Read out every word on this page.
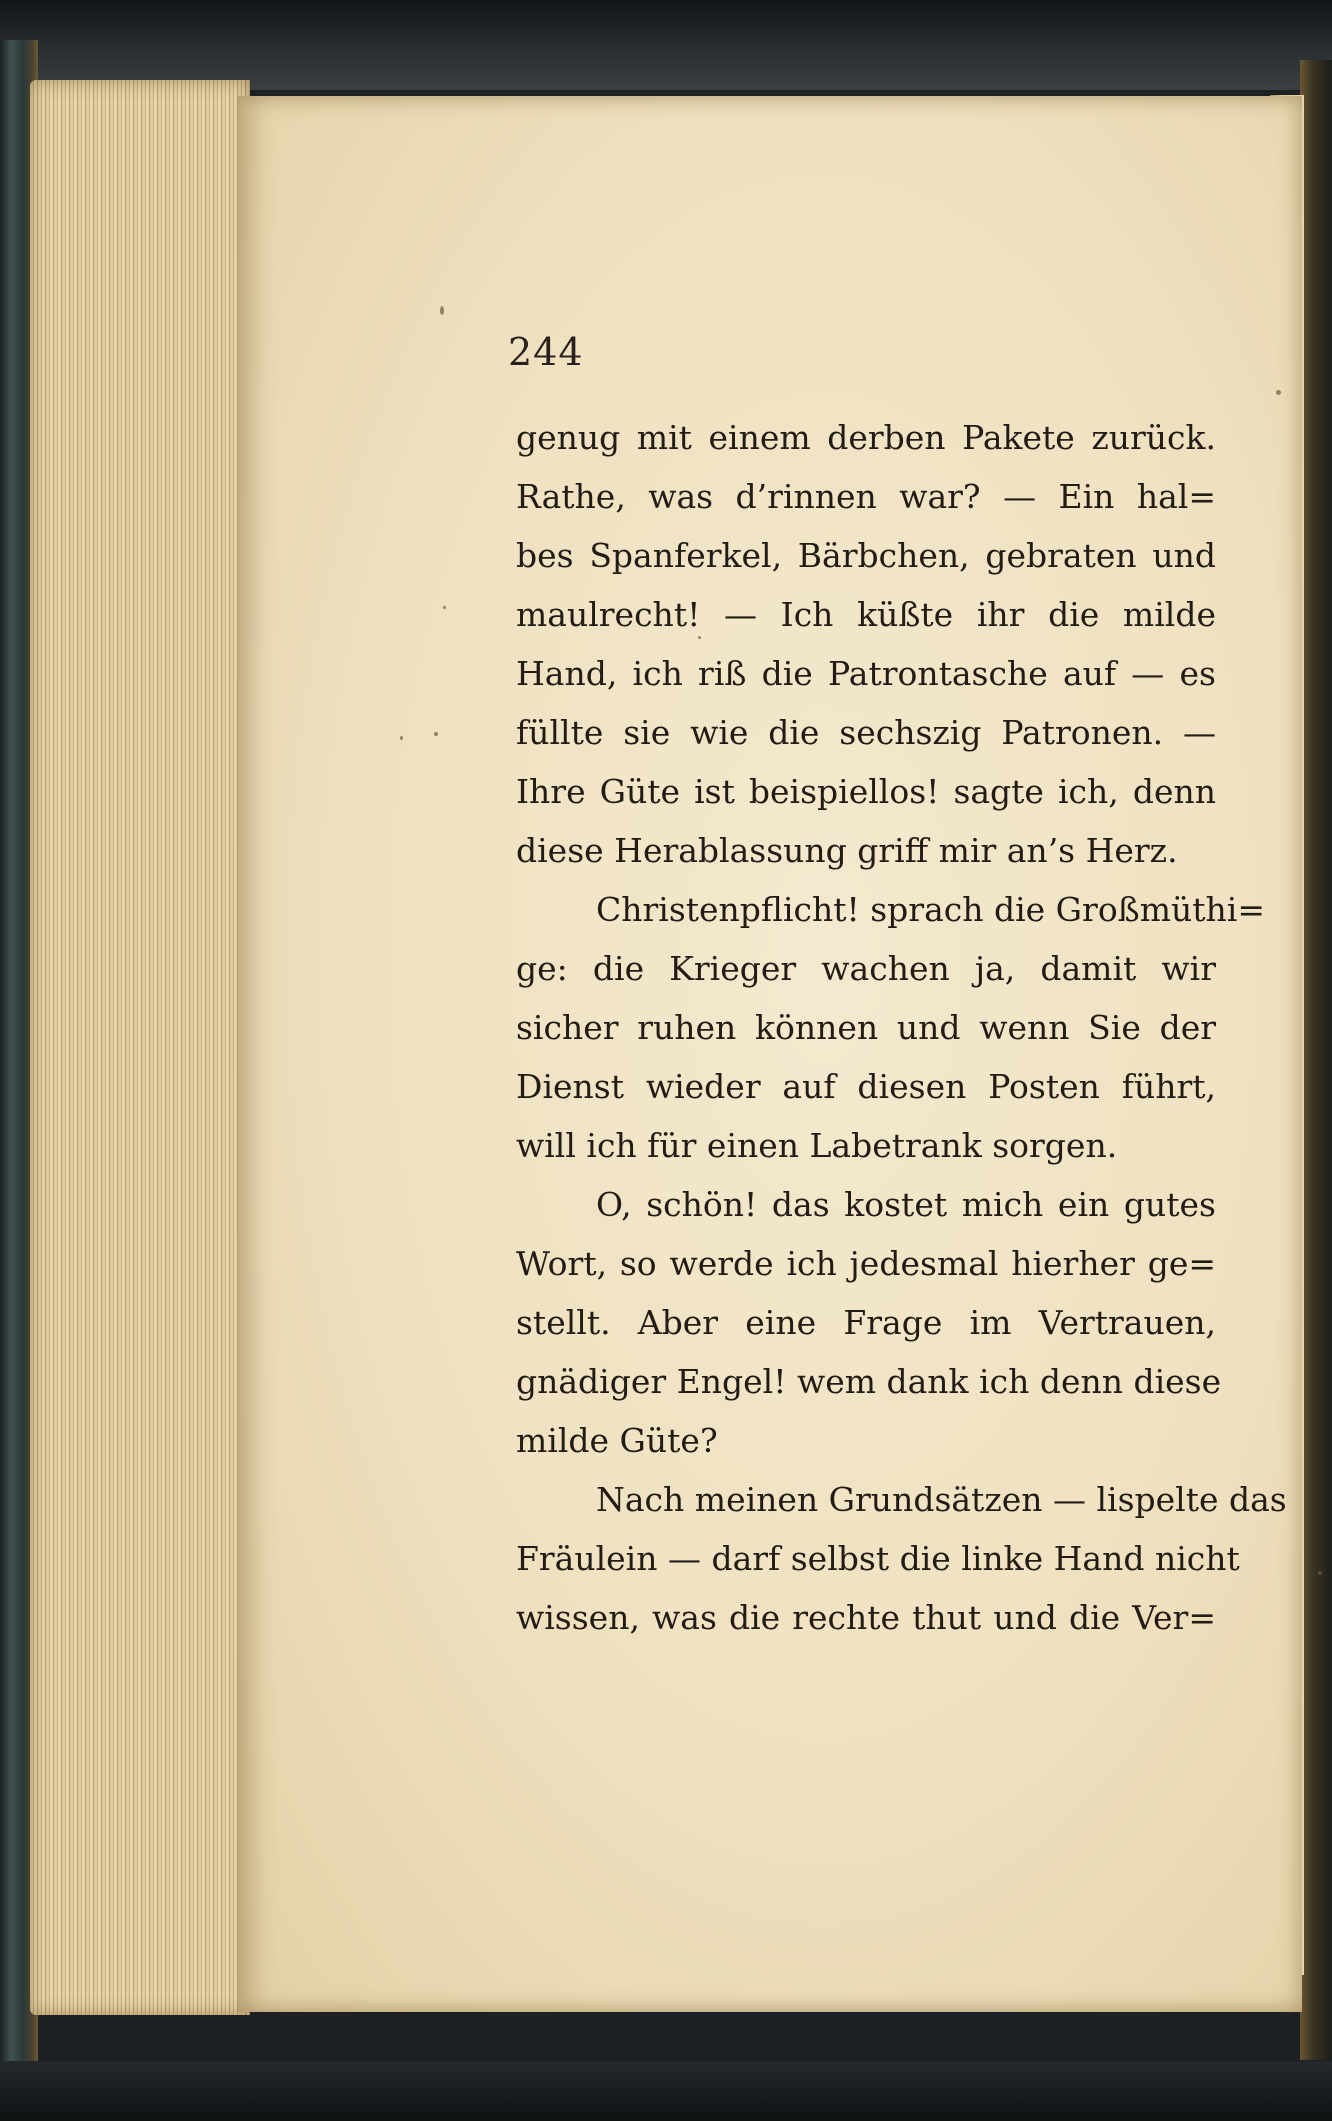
244

genug mit einem derben Pakete zurück.
Rathe, was d’rinnen war? — Ein hal=
bes Spanferkel, Bärbchen, gebraten und
maulrecht! — Ich küßte ihr die milde
Hand, ich riß die Patrontasche auf — es
füllte sie wie die sechszig Patronen. —
Ihre Güte ist beispiellos! sagte ich, denn
diese Herablassung griff mir an’s Herz.
Christenpflicht! sprach die Großmüthi=
ge: die Krieger wachen ja, damit wir
sicher ruhen können und wenn Sie der
Dienst wieder auf diesen Posten führt,
will ich für einen Labetrank sorgen.
O, schön! das kostet mich ein gutes
Wort, so werde ich jedesmal hierher ge=
stellt. Aber eine Frage im Vertrauen,
gnädiger Engel! wem dank ich denn diese
milde Güte?
Nach meinen Grundsätzen — lispelte das
Fräulein — darf selbst die linke Hand nicht
wissen, was die rechte thut und die Ver=
